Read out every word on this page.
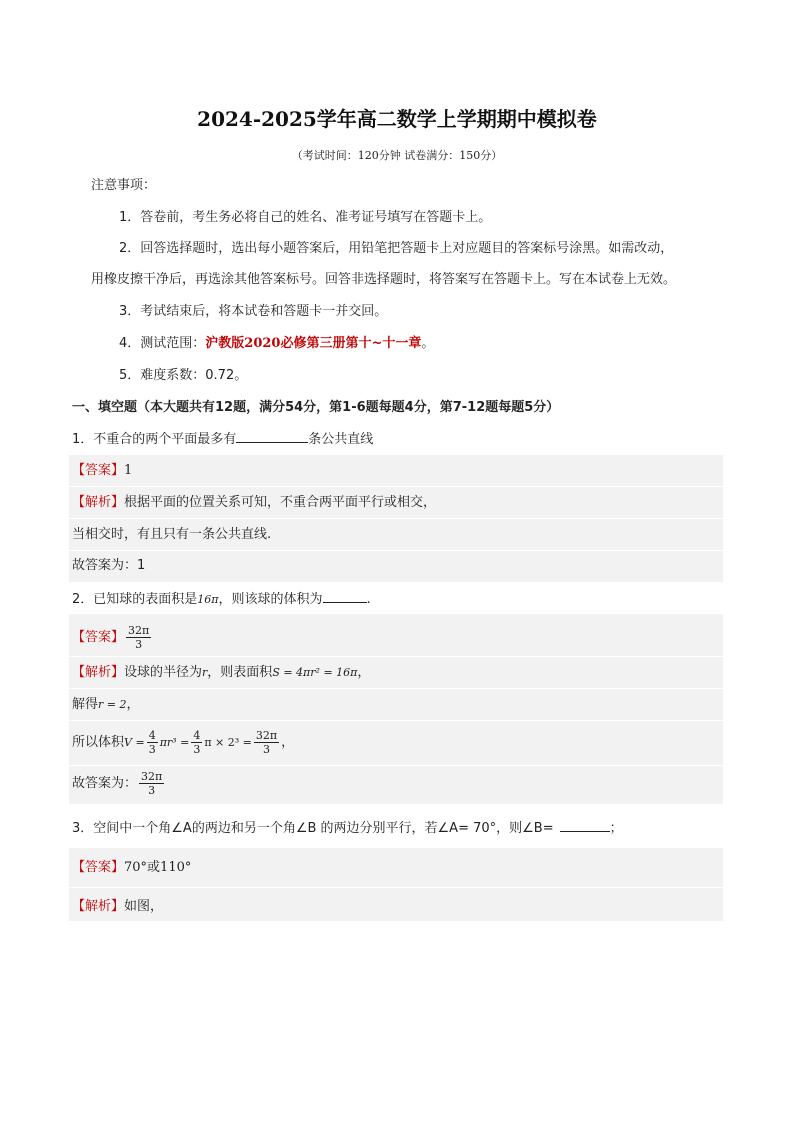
2024-2025学年高二数学上学期期中模拟卷
（考试时间：120分钟 试卷满分：150分）
注意事项：
1．答卷前，考生务必将自己的姓名、准考证号填写在答题卡上。
2．回答选择题时，选出每小题答案后，用铅笔把答题卡上对应题目的答案标号涂黑。如需改动，
用橡皮擦干净后，再选涂其他答案标号。回答非选择题时，将答案写在答题卡上。写在本试卷上无效。
3．考试结束后，将本试卷和答题卡一并交回。
4．测试范围：沪教版2020必修第三册第十~十一章。
5．难度系数：0.72。
一、填空题（本大题共有12题，满分54分，第1-6题每题4分，第7-12题每题5分）
1．不重合的两个平面最多有	条公共直线
【答案】1
【解析】根据平面的位置关系可知，不重合两平面平行或相交，
当相交时，有且只有一条公共直线.
故答案为：1
2．已知球的表面积是16π，则该球的体积为	.
【答案】 $\frac{32\pi}{3}$
【解析】设球的半径为r，则表面积S = 4πr² = 16π，
解得r = 2，
所以体积$V = \frac{4}{3} \pi r^3 = \frac{4}{3}$ $\pi \times 2^3 = \frac{32\pi}{3}$ ，
故答案为： $\frac{32\pi}{3}$
3．空间中一个角∠A的两边和另一个角∠B 的两边分别平行，若∠A= 70°，则∠B=	；
【答案】70°或110°
【解析】如图，
